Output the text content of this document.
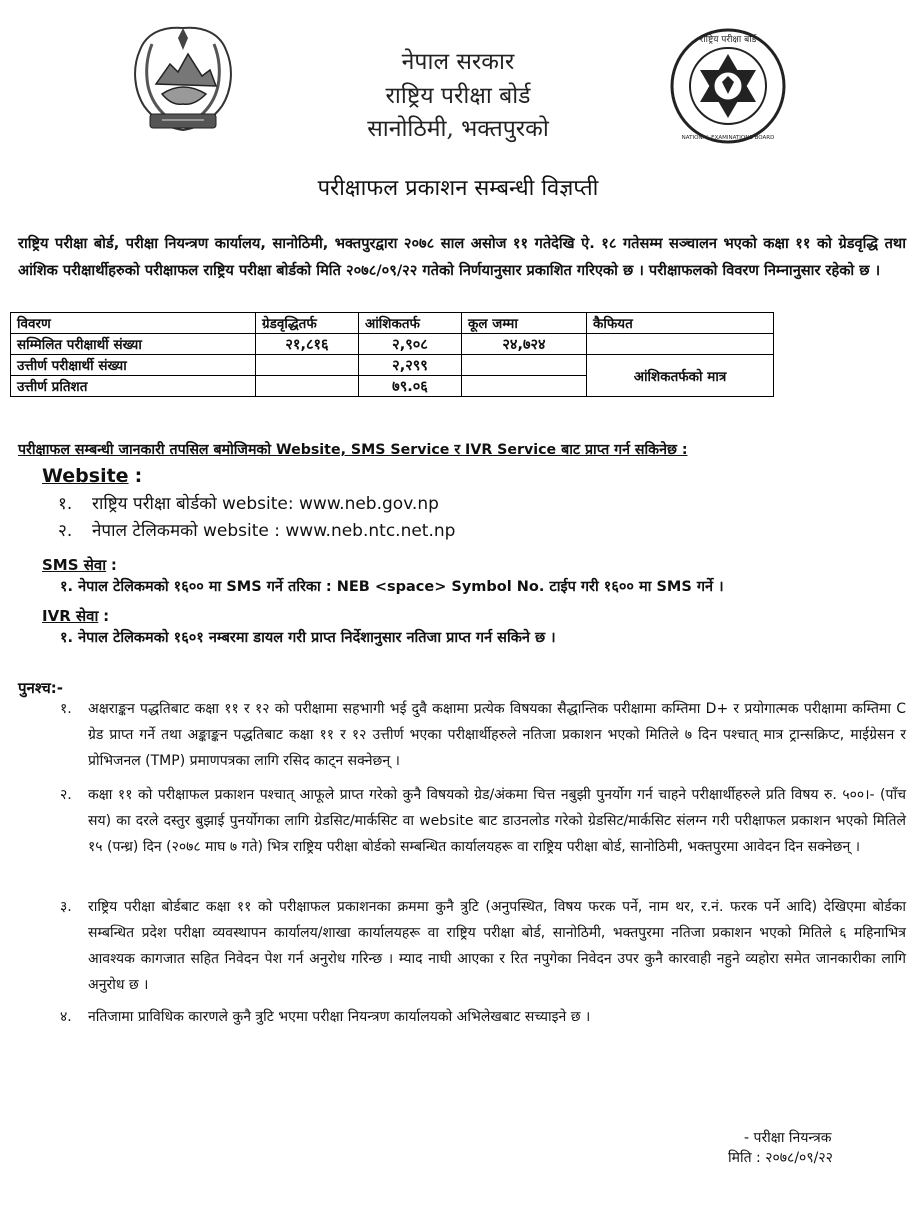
राष्ट्रिय परीक्षा बोर्ड
NATIONAL EXAMINATIONS BOARD
नेपाल सरकार
राष्ट्रिय परीक्षा बोर्ड
सानोठिमी, भक्तपुरको
परीक्षाफल प्रकाशन सम्बन्धी विज्ञप्ती
राष्ट्रिय परीक्षा बोर्ड, परीक्षा नियन्त्रण कार्यालय, सानोठिमी, भक्तपुरद्वारा २०७८ साल असोज ११ गतेदेखि ऐ. १८ गतेसम्म सञ्चालन भएको कक्षा ११ को ग्रेडवृद्धि तथा आंशिक परीक्षार्थीहरुको परीक्षाफल राष्ट्रिय परीक्षा बोर्डको मिति २०७८/०९/२२ गतेको निर्णयानुसार प्रकाशित गरिएको छ । परीक्षाफलको विवरण निम्नानुसार रहेको छ ।
विवरण	ग्रेडवृद्धितर्फ	आंशिकतर्फ	कूल जम्मा	कैफियत
सम्मिलित परीक्षार्थी संख्या	२१,८१६	२,९०८	२४,७२४	
उत्तीर्ण परीक्षार्थी संख्या		२,२९९		आंशिकतर्फको मात्र
उत्तीर्ण प्रतिशत		७९.०६		
परीक्षाफल सम्बन्धी जानकारी तपसिल बमोजिमको Website, SMS Service र IVR Service बाट प्राप्त गर्न सकिनेछ :
Website :
१. राष्ट्रिय परीक्षा बोर्डको website: www.neb.gov.np
२. नेपाल टेलिकमको website : www.neb.ntc.net.np
SMS सेवा :
१. नेपाल टेलिकमको १६०० मा SMS गर्ने तरिका : NEB <space> Symbol No. टाईप गरी १६०० मा SMS गर्ने ।
IVR सेवा :
१. नेपाल टेलिकमको १६०१ नम्बरमा डायल गरी प्राप्त निर्देशानुसार नतिजा प्राप्त गर्न सकिने छ ।
पुनश्च:-
१.	अक्षराङ्कन पद्धतिबाट कक्षा ११ र १२ को परीक्षामा सहभागी भई दुवै कक्षामा प्रत्येक विषयका सैद्धान्तिक परीक्षामा कम्तिमा D+ र प्रयोगात्मक परीक्षामा कम्तिमा C ग्रेड प्राप्त गर्ने तथा अङ्काङ्कन पद्धतिबाट कक्षा ११ र १२ उत्तीर्ण भएका परीक्षार्थीहरुले नतिजा प्रकाशन भएको मितिले ७ दिन पश्चात् मात्र ट्रान्सक्रिप्ट, माईग्रेसन र प्रोभिजनल (TMP) प्रमाणपत्रका लागि रसिद काट्न सक्नेछन् ।
२.	कक्षा ११ को परीक्षाफल प्रकाशन पश्चात् आफूले प्राप्त गरेको कुनै विषयको ग्रेड/अंकमा चित्त नबुझी पुनर्योग गर्न चाहने परीक्षार्थीहरुले प्रति विषय रु. ५००।- (पाँच सय) का दरले दस्तुर बुझाई पुनर्योगका लागि ग्रेडसिट/मार्कसिट वा website बाट डाउनलोड गरेको ग्रेडसिट/मार्कसिट संलग्न गरी परीक्षाफल प्रकाशन भएको मितिले १५ (पन्ध्र) दिन (२०७८ माघ ७ गते) भित्र राष्ट्रिय परीक्षा बोर्डको सम्बन्धित कार्यालयहरू वा राष्ट्रिय परीक्षा बोर्ड, सानोठिमी, भक्तपुरमा आवेदन दिन सक्नेछन् ।
३.	राष्ट्रिय परीक्षा बोर्डबाट कक्षा ११ को परीक्षाफल प्रकाशनका क्रममा कुनै त्रुटि (अनुपस्थित, विषय फरक पर्ने, नाम थर, र.नं. फरक पर्ने आदि) देखिएमा बोर्डका सम्बन्धित प्रदेश परीक्षा व्यवस्थापन कार्यालय/शाखा कार्यालयहरू वा राष्ट्रिय परीक्षा बोर्ड, सानोठिमी, भक्तपुरमा नतिजा प्रकाशन भएको मितिले ६ महिनाभित्र आवश्यक कागजात सहित निवेदन पेश गर्न अनुरोध गरिन्छ । म्याद नाघी आएका र रित नपुगेका निवेदन उपर कुनै कारवाही नहुने व्यहोरा समेत जानकारीका लागि अनुरोध छ ।
४.	नतिजामा प्राविधिक कारणले कुनै त्रुटि भएमा परीक्षा नियन्त्रण कार्यालयको अभिलेखबाट सच्याइने छ ।
- परीक्षा नियन्त्रक
मिति : २०७८/०९/२२
